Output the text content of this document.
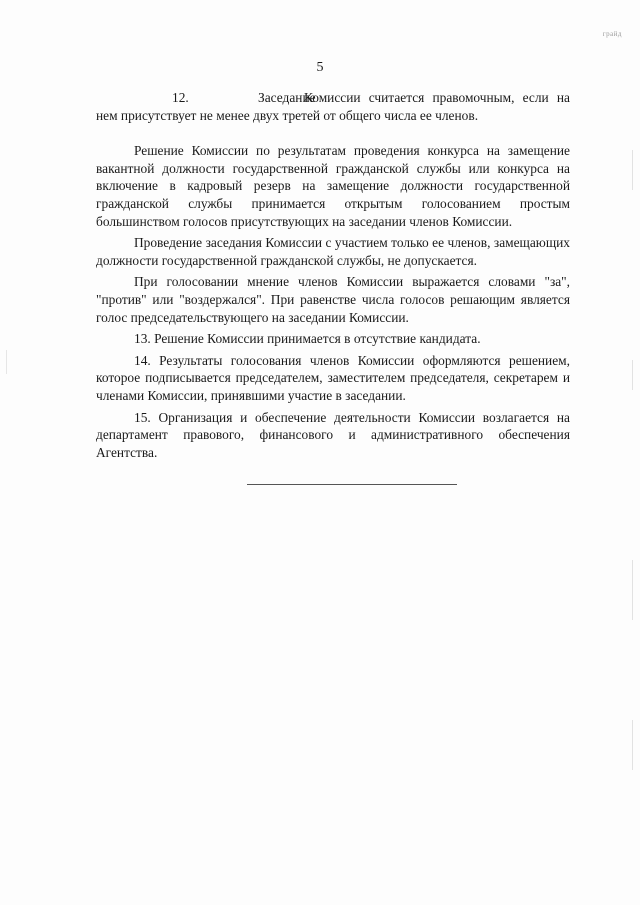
грайд
5

12.	ЗаседаниеКомиссии считается правомочным, если на нем присутствует не менее двух третей от общего числа ее членов.

Решение Комиссии по результатам проведения конкурса на замещение вакантной должности государственной гражданской службы или конкурса на включение в кадровый резерв на замещение должности государственной гражданской службы принимается открытым голосованием простым большинством голосов присутствующих на заседании членов Комиссии.

Проведение заседания Комиссии с участием только ее членов, замещающих должности государственной гражданской службы, не допускается.

При голосовании мнение членов Комиссии выражается словами "за", "против" или "воздержался". При равенстве числа голосов решающим является голос председательствующего на заседании Комиссии.

13. Решение Комиссии принимается в отсутствие кандидата.

14. Результаты голосования членов Комиссии оформляются решением, которое подписывается председателем, заместителем председателя, секретарем и членами Комиссии, принявшими участие в заседании.

15. Организация и обеспечение деятельности Комиссии возлагается на департамент правового, финансового и административного обеспечения Агентства.
